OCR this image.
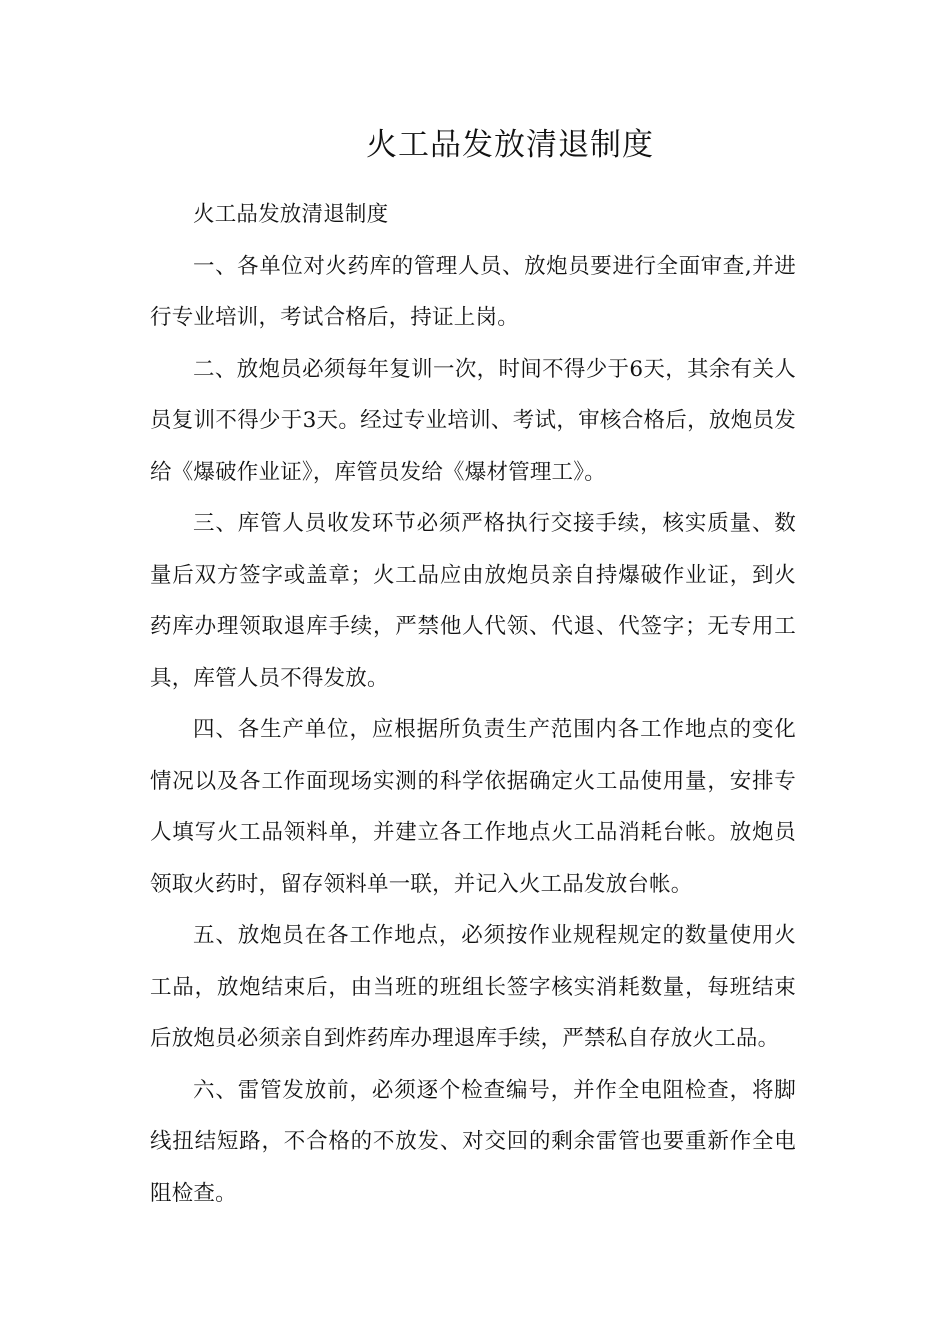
火工品发放清退制度

火工品发放清退制度

一、各单位对火药库的管理人员、放炮员要进行全面审查,并进行专业培训，考试合格后，持证上岗。

二、放炮员必须每年复训一次，时间不得少于6天，其余有关人员复训不得少于3天。经过专业培训、考试，审核合格后，放炮员发给《爆破作业证》，库管员发给《爆材管理工》。

三、库管人员收发环节必须严格执行交接手续，核实质量、数量后双方签字或盖章；火工品应由放炮员亲自持爆破作业证，到火药库办理领取退库手续，严禁他人代领、代退、代签字；无专用工具，库管人员不得发放。

四、各生产单位，应根据所负责生产范围内各工作地点的变化情况以及各工作面现场实测的科学依据确定火工品使用量，安排专人填写火工品领料单，并建立各工作地点火工品消耗台帐。放炮员领取火药时，留存领料单一联，并记入火工品发放台帐。

五、放炮员在各工作地点，必须按作业规程规定的数量使用火工品，放炮结束后，由当班的班组长签字核实消耗数量，每班结束后放炮员必须亲自到炸药库办理退库手续，严禁私自存放火工品。

六、雷管发放前，必须逐个检查编号，并作全电阻检查，将脚线扭结短路，不合格的不放发、对交回的剩余雷管也要重新作全电阻检查。
